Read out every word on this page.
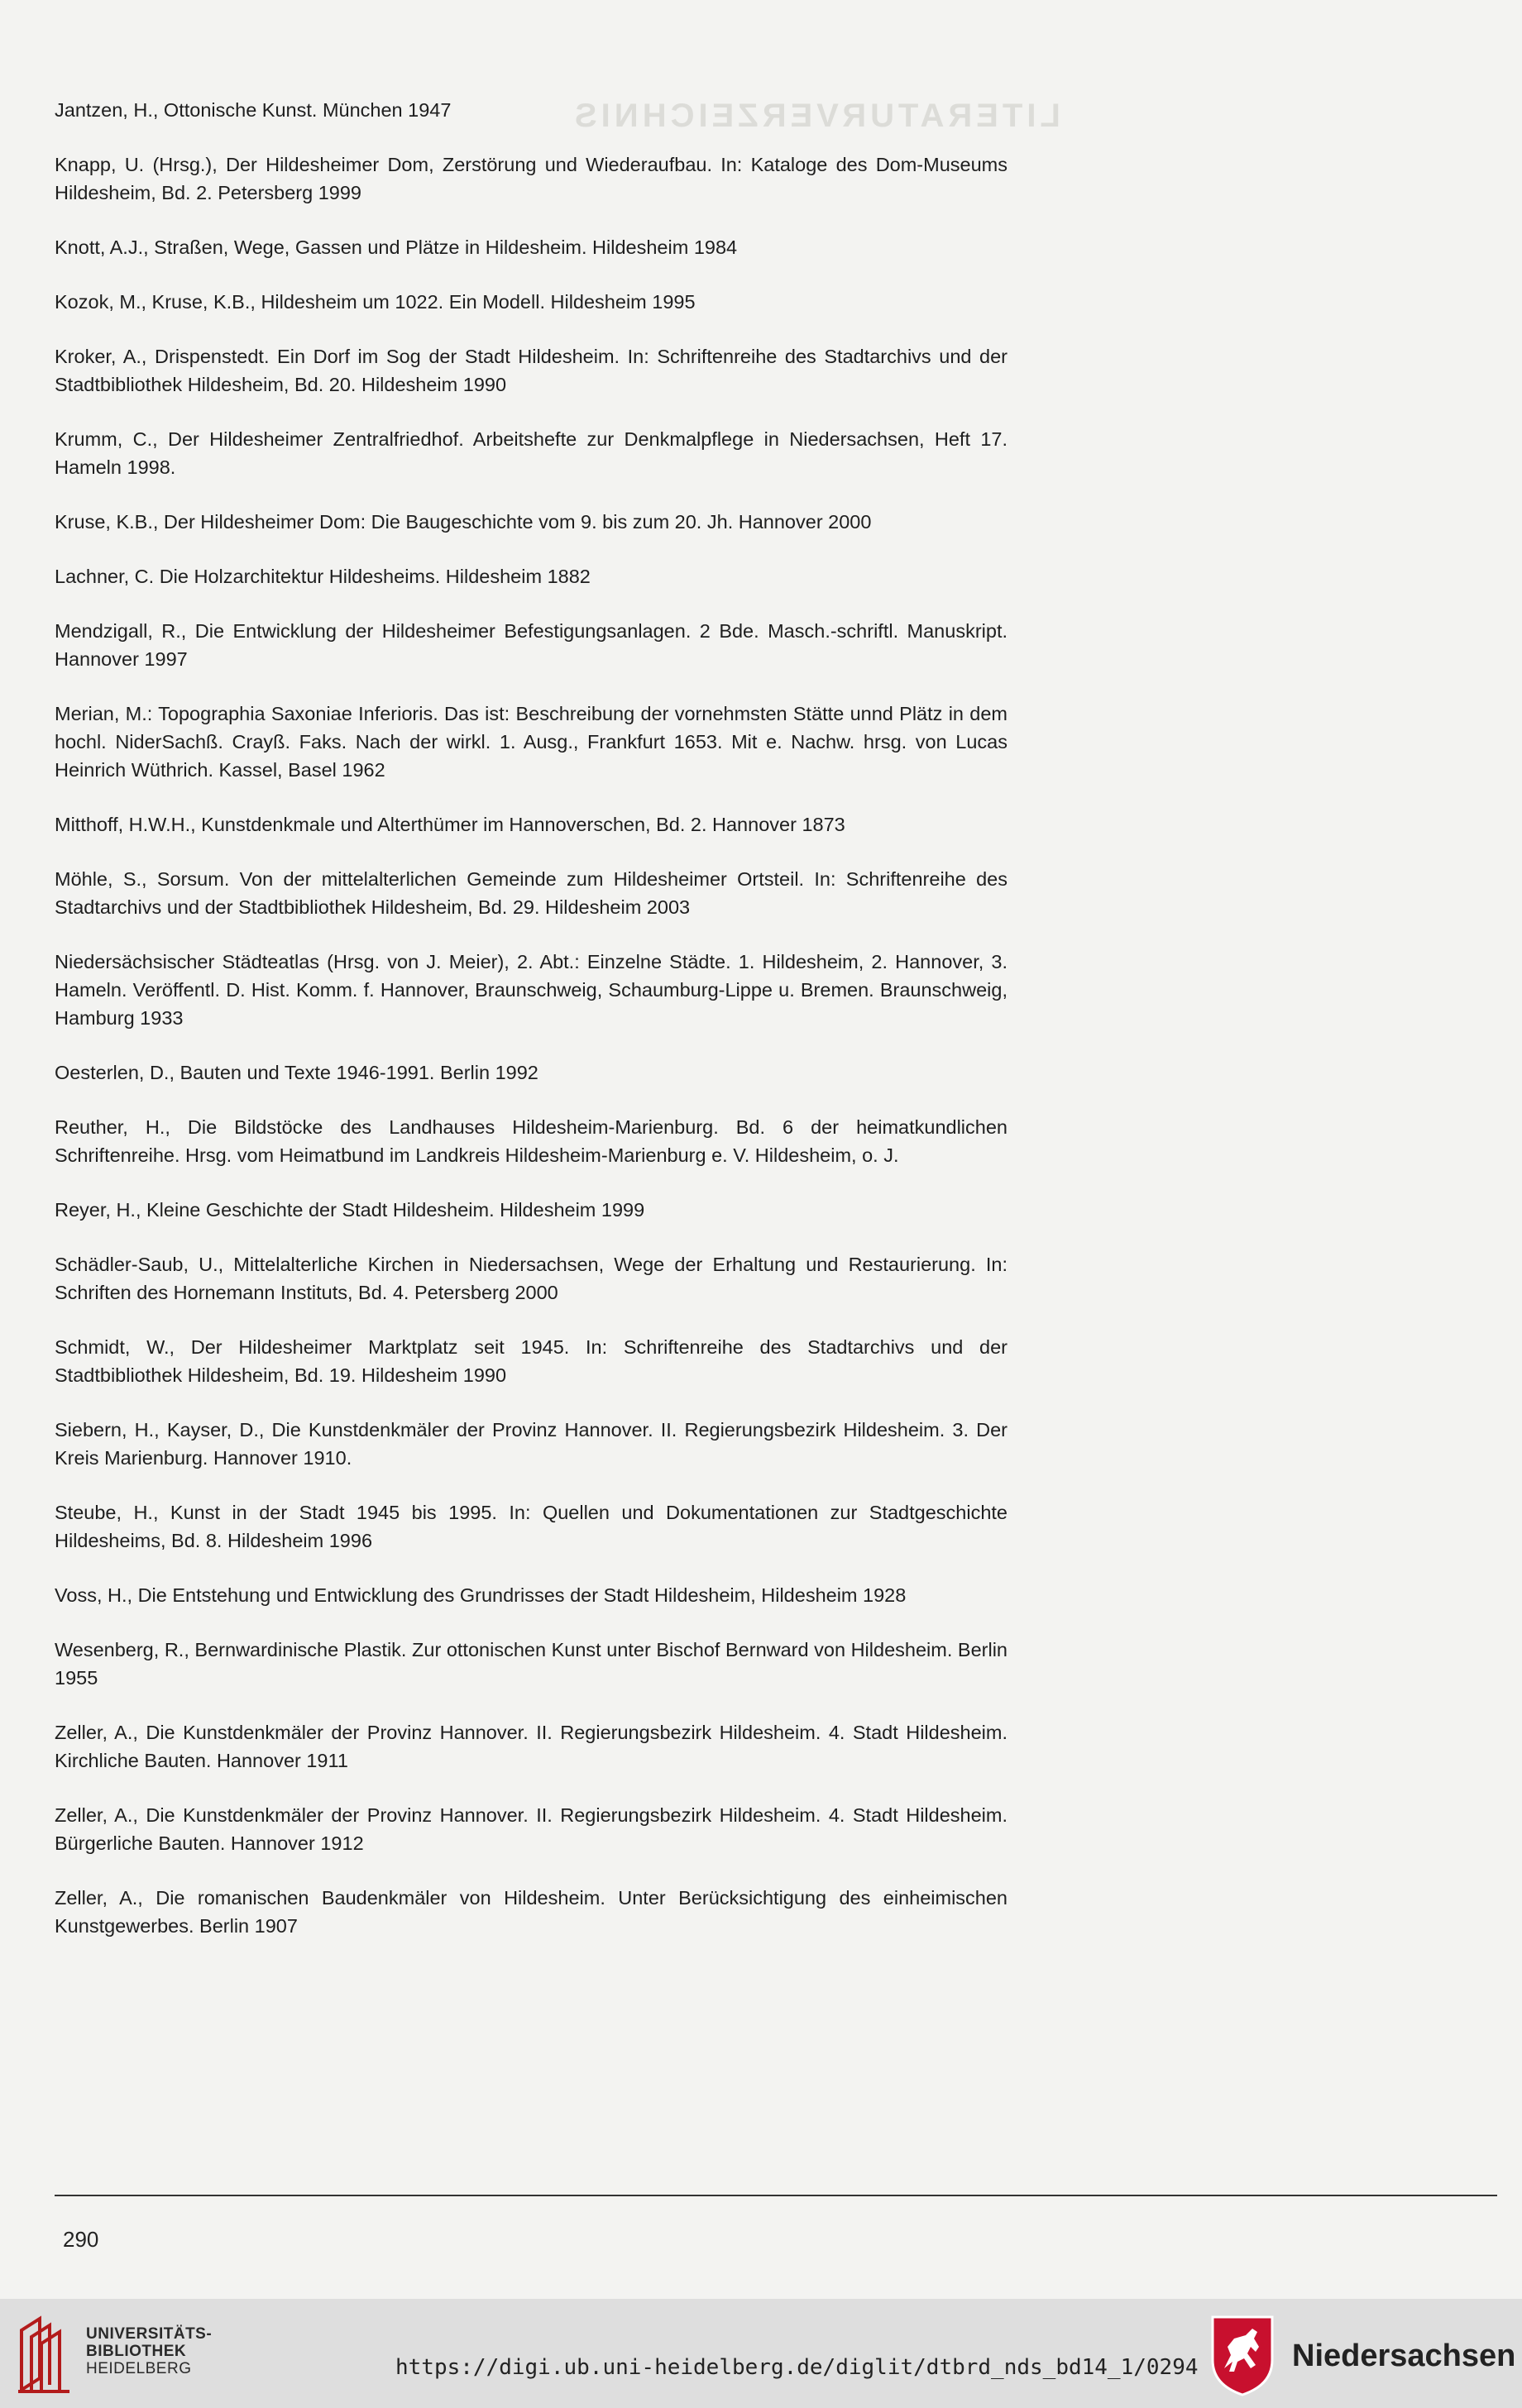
LITERATURVERZEICHNIS
Jantzen, H., Ottonische Kunst. München 1947
Knapp, U. (Hrsg.), Der Hildesheimer Dom, Zerstörung und Wiederaufbau. In: Kataloge des Dom-Museums Hildesheim, Bd. 2. Petersberg 1999
Knott, A.J., Straßen, Wege, Gassen und Plätze in Hildesheim. Hildesheim 1984
Kozok, M., Kruse, K.B., Hildesheim um 1022. Ein Modell. Hildesheim 1995
Kroker, A., Drispenstedt. Ein Dorf im Sog der Stadt Hildesheim. In: Schriftenreihe des Stadtarchivs und der Stadtbibliothek Hildesheim, Bd. 20. Hildesheim 1990
Krumm, C., Der Hildesheimer Zentralfriedhof. Arbeitshefte zur Denkmalpflege in Niedersachsen, Heft 17. Hameln 1998.
Kruse, K.B., Der Hildesheimer Dom: Die Baugeschichte vom 9. bis zum 20. Jh. Hannover 2000
Lachner, C. Die Holzarchitektur Hildesheims. Hildesheim 1882
Mendzigall, R., Die Entwicklung der Hildesheimer Befestigungsanlagen. 2 Bde. Masch.-schriftl. Manuskript. Hannover 1997
Merian, M.: Topographia Saxoniae Inferioris. Das ist: Beschreibung der vornehmsten Stätte unnd Plätz in dem hochl. NiderSachß. Crayß. Faks. Nach der wirkl. 1. Ausg., Frankfurt 1653. Mit e. Nachw. hrsg. von Lucas Heinrich Wüthrich. Kassel, Basel 1962
Mitthoff, H.W.H., Kunstdenkmale und Alterthümer im Hannoverschen, Bd. 2. Hannover 1873
Möhle, S., Sorsum. Von der mittelalterlichen Gemeinde zum Hildesheimer Ortsteil. In: Schriftenreihe des Stadtarchivs und der Stadtbibliothek Hildesheim, Bd. 29. Hildesheim 2003
Niedersächsischer Städteatlas (Hrsg. von J. Meier), 2. Abt.: Einzelne Städte. 1. Hildesheim, 2. Hannover, 3. Hameln. Veröffentl. D. Hist. Komm. f. Hannover, Braunschweig, Schaumburg-Lippe u. Bremen. Braunschweig, Hamburg 1933
Oesterlen, D., Bauten und Texte 1946-1991. Berlin 1992
Reuther, H., Die Bildstöcke des Landhauses Hildesheim-Marienburg. Bd. 6 der heimatkundlichen Schriftenreihe. Hrsg. vom Heimatbund im Landkreis Hildesheim-Marienburg e. V. Hildesheim, o. J.
Reyer, H., Kleine Geschichte der Stadt Hildesheim. Hildesheim 1999
Schädler-Saub, U., Mittelalterliche Kirchen in Niedersachsen, Wege der Erhaltung und Restaurierung. In: Schriften des Hornemann Instituts, Bd. 4. Petersberg 2000
Schmidt, W., Der Hildesheimer Marktplatz seit 1945. In: Schriftenreihe des Stadtarchivs und der Stadtbibliothek Hildesheim, Bd. 19. Hildesheim 1990
Siebern, H., Kayser, D., Die Kunstdenkmäler der Provinz Hannover. II. Regierungsbezirk Hildesheim. 3. Der Kreis Marienburg. Hannover 1910.
Steube, H., Kunst in der Stadt 1945 bis 1995. In: Quellen und Dokumentationen zur Stadtgeschichte Hildesheims, Bd. 8. Hildesheim 1996
Voss, H., Die Entstehung und Entwicklung des Grundrisses der Stadt Hildesheim, Hildesheim 1928
Wesenberg, R., Bernwardinische Plastik. Zur ottonischen Kunst unter Bischof Bernward von Hildesheim. Berlin 1955
Zeller, A., Die Kunstdenkmäler der Provinz Hannover. II. Regierungsbezirk Hildesheim. 4. Stadt Hildesheim. Kirchliche Bauten. Hannover 1911
Zeller, A., Die Kunstdenkmäler der Provinz Hannover. II. Regierungsbezirk Hildesheim. 4. Stadt Hildesheim. Bürgerliche Bauten. Hannover 1912
Zeller, A., Die romanischen Baudenkmäler von Hildesheim. Unter Berücksichtigung des einheimischen Kunstgewerbes. Berlin 1907
290
UNIVERSITÄTS-
BIBLIOTHEK
HEIDELBERG	https://digi.ub.uni-heidelberg.de/diglit/dtbrd_nds_bd14_1/0294	Niedersachsen
